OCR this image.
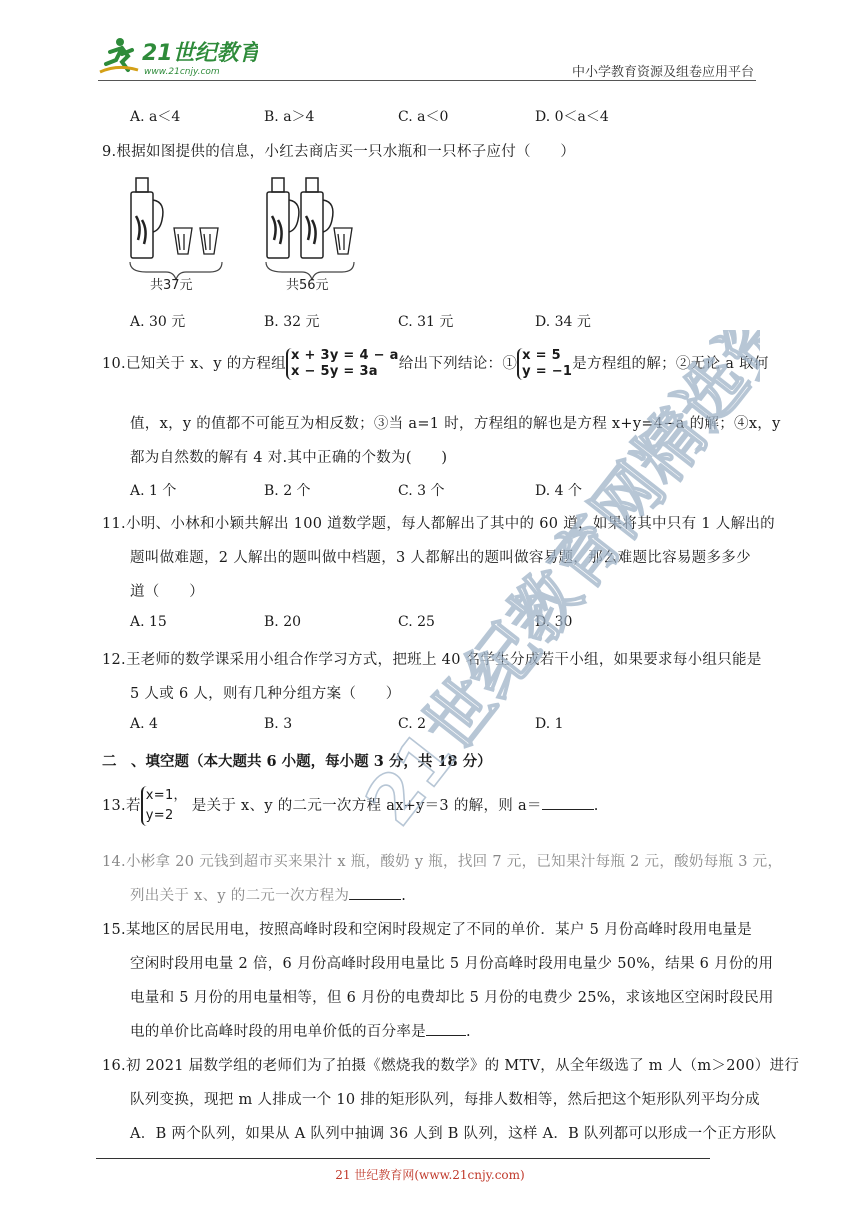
21世纪教育
www.21cnjy.com	中小学教育资源及组卷应用平台
A. a＜4	B. a＞4	C. a＜0	D. 0＜a＜4
9.根据如图提供的信息，小红去商店买一只水瓶和一只杯子应付（　　）
共37元	共56元
A. 30 元	B. 32 元	C. 31 元	D. 34 元
10.已知关于 x、y 的方程组x + 3y = 4 − a
x − 5y = 3a 给出下列结论：①x = 5
y = −1是方程组的解；②无论 a 取何
值，x，y 的值都不可能互为相反数；③当 a=1 时，方程组的解也是方程 x+y=4−a 的解；④x，y
都为自然数的解有 4 对.其中正确的个数为(　　)
A. 1 个	B. 2 个	C. 3 个	D. 4 个
11.小明、小林和小颖共解出 100 道数学题，每人都解出了其中的 60 道，如果将其中只有 1 人解出的
题叫做难题，2 人解出的题叫做中档题，3 人都解出的题叫做容易题，那么难题比容易题多多少
道（　　）
A. 15	B. 20	C. 25	D. 30
12.王老师的数学课采用小组合作学习方式，把班上 40 名学生分成若干小组，如果要求每小组只能是
5 人或 6 人，则有几种分组方案（　　）
A. 4	B. 3	C. 2	D. 1
二　、填空题（本大题共 6 小题，每小题 3 分，共 18 分）
13.若x=1，
y=2 是关于 x、y 的二元一次方程 ax+y＝3 的解，则 a＝	.
14.小彬拿 20 元钱到超市买来果汁 x 瓶，酸奶 y 瓶，找回 7 元，已知果汁每瓶 2 元，酸奶每瓶 3 元，
列出关于 x、y 的二元一次方程为	.
15.某地区的居民用电，按照高峰时段和空闲时段规定了不同的单价．某户 5 月份高峰时段用电量是
空闲时段用电量 2 倍，6 月份高峰时段用电量比 5 月份高峰时段用电量少 50%，结果 6 月份的用
电量和 5 月份的用电量相等，但 6 月份的电费却比 5 月份的电费少 25%，求该地区空闲时段民用
电的单价比高峰时段的用电单价低的百分率是	.
16.初 2021 届数学组的老师们为了拍摄《燃烧我的数学》的 MTV，从全年级选了 m 人（m＞200）进行
队列变换，现把 m 人排成一个 10 排的矩形队列，每排人数相等，然后把这个矩形队列平均分成
A．B 两个队列，如果从 A 队列中抽调 36 人到 B 队列，这样 A．B 队列都可以形成一个正方形队
21世纪教育网精选资料
21 世纪教育网(www.21cnjy.com)
